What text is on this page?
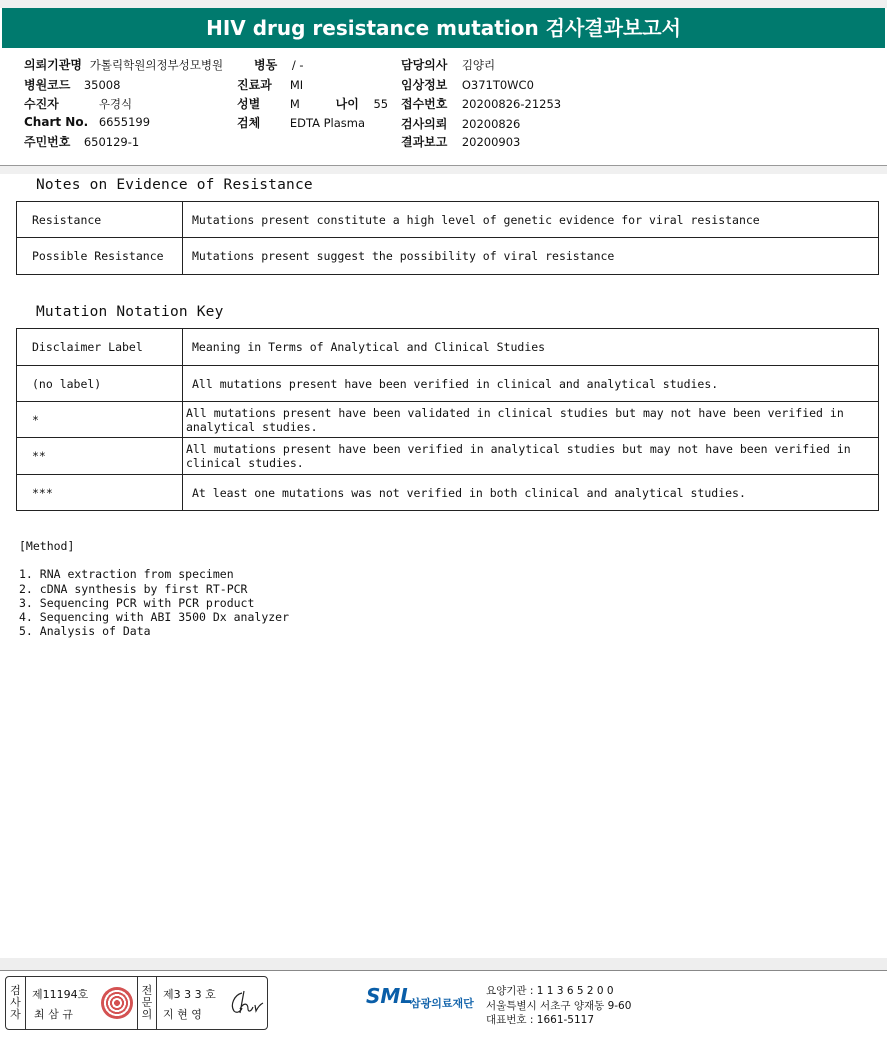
HIV drug resistance mutation 검사결과보고서
의뢰기관명 가톨릭학원의정부성모병원
병원코드 35008
수진자	우경식
Chart No. 6655199
주민번호 650129-1
병동 / -
진료과 MI
성별	M	나이 55
검체	EDTA Plasma
담당의사 김양리
임상정보 O371T0WC0
접수번호 20200826-21253
검사의뢰 20200826
결과보고 20200903
Notes on Evidence of Resistance
Resistance	Mutations present constitute a high level of genetic evidence for viral resistance
Possible Resistance	Mutations present suggest the possibility of viral resistance
Mutation Notation Key
Disclaimer Label	Meaning in Terms of Analytical and Clinical Studies
(no label)	All mutations present have been verified in clinical and analytical studies.
*	All mutations present have been validated in clinical studies but may not have been verified in analytical studies.
**	All mutations present have been verified in analytical studies but may not have been verified in clinical studies.
***	At least one mutations was not verified in both clinical and analytical studies.
[Method]
1. RNA extraction from specimen
2. cDNA synthesis by first RT-PCR
3. Sequencing PCR with PCR product
4. Sequencing with ABI 3500 Dx analyzer
5. Analysis of Data
검사자
제11194호
최 삼 규
전문의
제3 3 3 호
지 현 영
SML
삼광의료재단
요양기관 : 1 1 3 6 5 2 0 0
서울특별시 서초구 양재동 9-60
대표번호 : 1661-5117
